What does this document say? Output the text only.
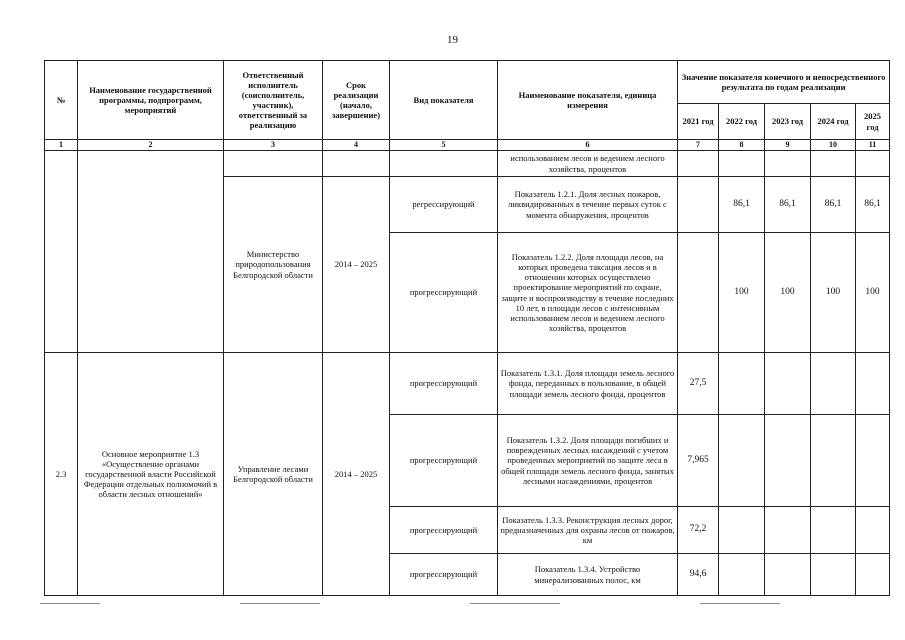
19
№	Наименование государственной программы, подпрограмм, мероприятий	Ответственный исполнитель (соисполнитель, участник), ответственный за реализацию	Срок реализации (начало, завершение)	Вид показателя	Наименование показателя, единица измерения	Значение показателя конечного и непосредственного результата по годам реализации				
						2021 год	2022 год	2023 год	2024 год	2025 год
1	2	3	4	5	6	7	8	9	10	11
					использованием лесов и ведением лесного хозяйства, процентов					
		Министерство природопользования Белгородской области	2014 – 2025	регрессирующий	Показатель 1.2.1. Доля лесных пожаров, ликвидированных в течение первых суток с момента обнаружения, процентов		86,1	86,1	86,1	86,1
				прогрессирующий	Показатель 1.2.2. Доля площади лесов, на которых проведена таксация лесов и в отношении которых осуществлено проектирование мероприятий по охране, защите и воспроизводству в течение последних 10 лет, в площади лесов с интенсивным использованием лесов и ведением лесного хозяйства, процентов		100	100	100	100
2.3	Основное мероприятие 1.3 «Осуществление органами государственной власти Российской Федерации отдельных полномочий в области лесных отношений»	Управление лесами Белгородской области	2014 – 2025	прогрессирующий	Показатель 1.3.1. Доля площади земель лесного фонда, переданных в пользование, в общей площади земель лесного фонда, процентов	27,5				
				прогрессирующий	Показатель 1.3.2. Доля площади погибших и поврежденных лесных насаждений с учетом проведенных мероприятий по защите леса в общей площади земель лесного фонда, занятых лесными насаждениями, процентов	7,965				
				прогрессирующий	Показатель 1.3.3. Реконструкция лесных дорог, предназначенных для охраны лесов от пожаров, км	72,2				
				прогрессирующий	Показатель 1.3.4. Устройство минерализованных полос, км	94,6				
